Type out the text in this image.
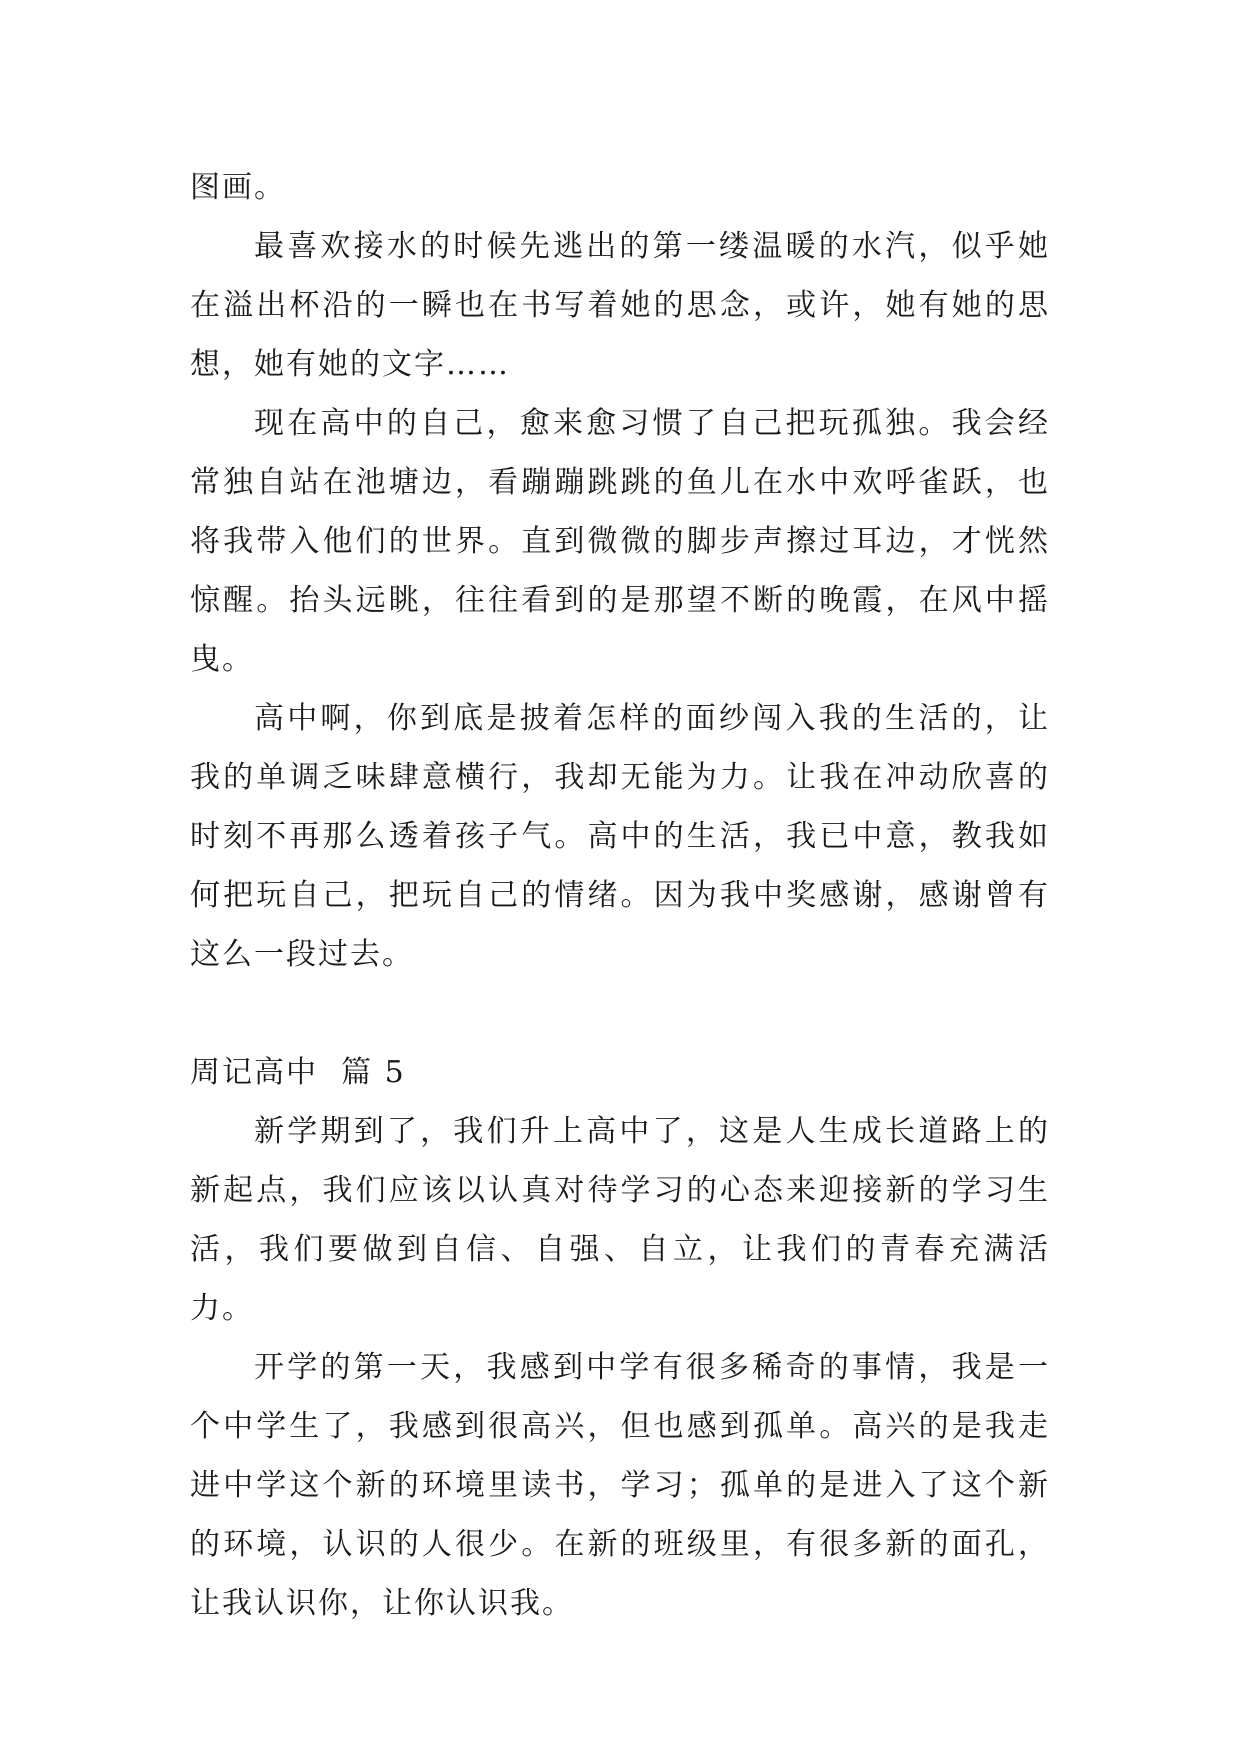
图画。

最喜欢接水的时候先逃出的第一缕温暖的水汽，似乎她在溢出杯沿的一瞬也在书写着她的思念，或许，她有她的思想，她有她的文字……

现在高中的自己，愈来愈习惯了自己把玩孤独。我会经常独自站在池塘边，看蹦蹦跳跳的鱼儿在水中欢呼雀跃，也将我带入他们的世界。直到微微的脚步声擦过耳边，才恍然惊醒。抬头远眺，往往看到的是那望不断的晚霞，在风中摇曳。

高中啊，你到底是披着怎样的面纱闯入我的生活的，让我的单调乏味肆意横行，我却无能为力。让我在冲动欣喜的时刻不再那么透着孩子气。高中的生活，我已中意，教我如何把玩自己，把玩自己的情绪。因为我中奖感谢，感谢曾有这么一段过去。

周记高中  篇 5

新学期到了，我们升上高中了，这是人生成长道路上的新起点，我们应该以认真对待学习的心态来迎接新的学习生活，我们要做到自信、自强、自立，让我们的青春充满活力。

开学的第一天，我感到中学有很多稀奇的事情，我是一个中学生了，我感到很高兴，但也感到孤单。高兴的是我走进中学这个新的环境里读书，学习；孤单的是进入了这个新的环境，认识的人很少。在新的班级里，有很多新的面孔，让我认识你，让你认识我。
